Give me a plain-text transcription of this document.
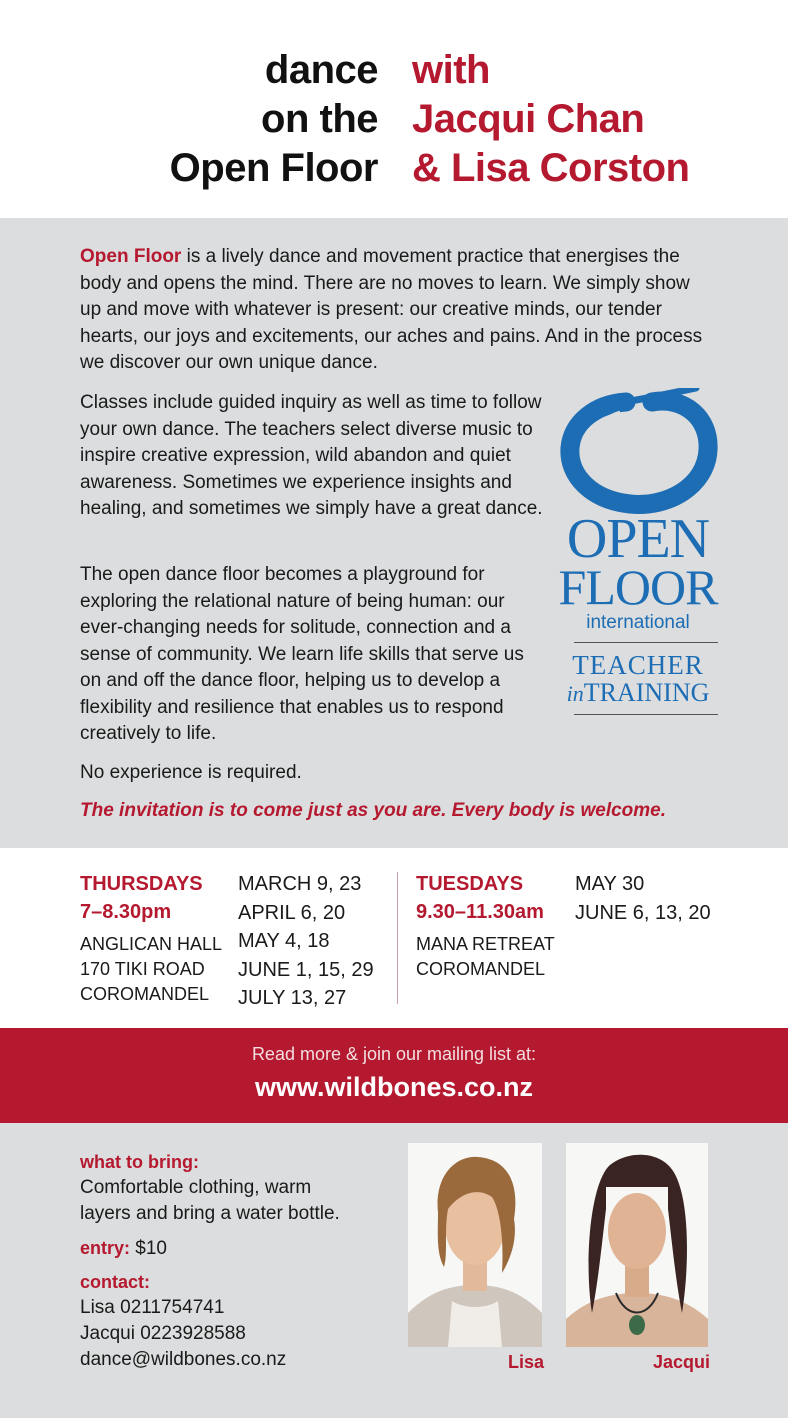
dance
on the
Open Floor
with
Jacqui Chan
& Lisa Corston

Open Floor is a lively dance and movement practice that energises the body and opens the mind. There are no moves to learn. We simply show up and move with whatever is present: our creative minds, our tender hearts, our joys and excitements, our aches and pains. And in the process we discover our own unique dance.

Classes include guided inquiry as well as time to follow your own dance. The teachers select diverse music to inspire creative expression, wild abandon and quiet awareness. Sometimes we experience insights and healing, and sometimes we simply have a great dance.

The open dance floor becomes a playground for exploring the relational nature of being human: our ever-changing needs for solitude, connection and a sense of community. We learn life skills that serve us on and off the dance floor, helping us to develop a flexibility and resilience that enables us to respond creatively to life.

No experience is required.

The invitation is to come just as you are. Every body is welcome.

OPEN
FLOOR
international
TEACHER
inTRAINING
THURSDAYS
7–8.30pm
ANGLICAN HALL
170 TIKI ROAD
COROMANDEL
MARCH 9, 23
APRIL 6, 20
MAY 4, 18
JUNE 1, 15, 29
JULY 13, 27
TUESDAYS
9.30–11.30am
MANA RETREAT
COROMANDEL
MAY 30
JUNE 6, 13, 20
Read more & join our mailing list at:
www.wildbones.co.nz
what to bring:
Comfortable clothing, warm
layers and bring a water bottle.
entry: $10
contact:
Lisa 0211754741
Jacqui 0223928588
dance@wildbones.co.nz	Lisa	Jacqui
